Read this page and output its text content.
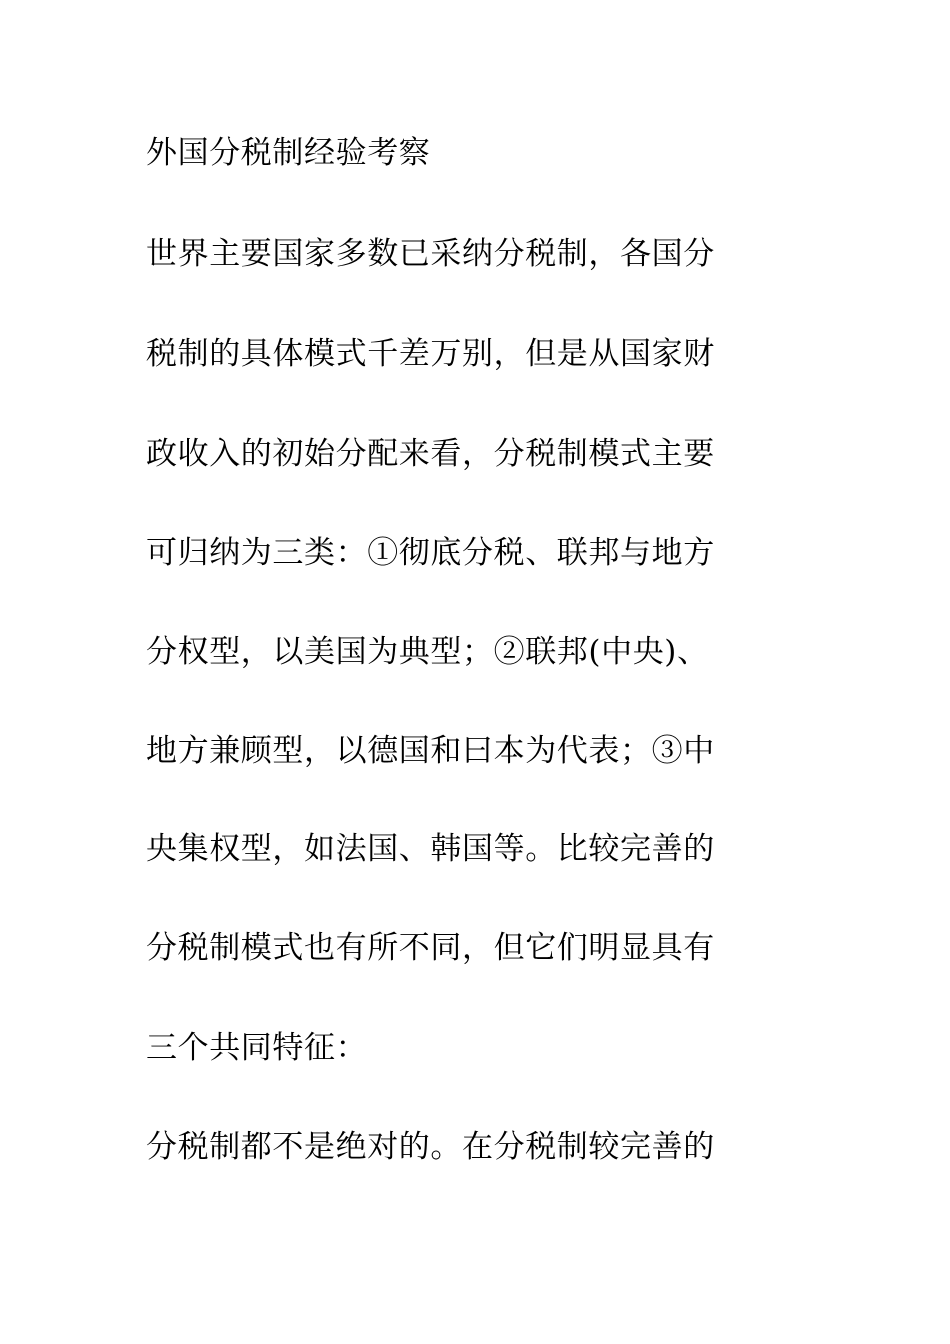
外国分税制经验考察
世界主要国家多数已采纳分税制，各国分
税制的具体模式千差万别，但是从国家财
政收入的初始分配来看，分税制模式主要
可归纳为三类：①彻底分税、联邦与地方
分权型，以美国为典型；②联邦(中央)、
地方兼顾型，以德国和曰本为代表；③中
央集权型，如法国、韩国等。比较完善的
分税制模式也有所不同，但它们明显具有
三个共同特征：
分税制都不是绝对的。在分税制较完善的
